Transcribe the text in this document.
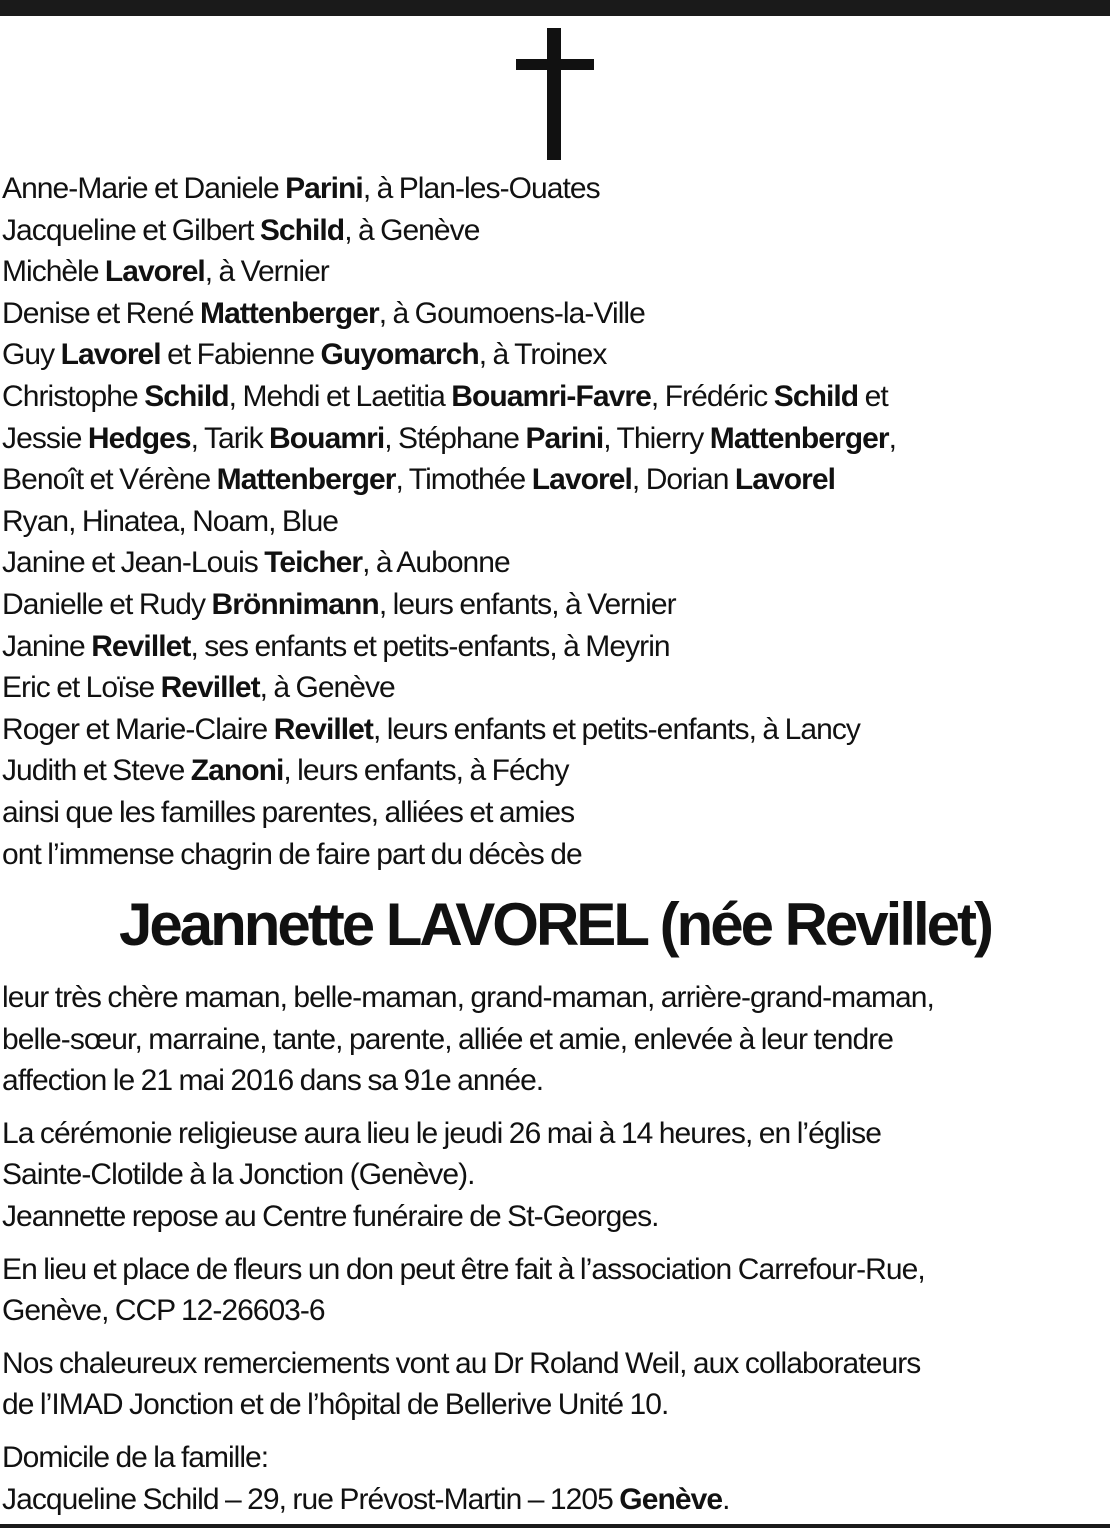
Anne-Marie et Daniele Parini, à Plan-les-Ouates
Jacqueline et Gilbert Schild, à Genève
Michèle Lavorel, à Vernier
Denise et René Mattenberger, à Goumoens-la-Ville
Guy Lavorel et Fabienne Guyomarch, à Troinex
Christophe Schild, Mehdi et Laetitia Bouamri-Favre, Frédéric Schild et
Jessie Hedges, Tarik Bouamri, Stéphane Parini, Thierry Mattenberger,
Benoît et Vérène Mattenberger, Timothée Lavorel, Dorian Lavorel
Ryan, Hinatea, Noam, Blue
Janine et Jean-Louis Teicher, à Aubonne
Danielle et Rudy Brönnimann, leurs enfants, à Vernier
Janine Revillet, ses enfants et petits-enfants, à Meyrin
Eric et Loïse Revillet, à Genève
Roger et Marie-Claire Revillet, leurs enfants et petits-enfants, à Lancy
Judith et Steve Zanoni, leurs enfants, à Féchy
ainsi que les familles parentes, alliées et amies
ont l’immense chagrin de faire part du décès de
Jeannette LAVOREL (née Revillet)
leur très chère maman, belle-maman, grand-maman, arrière-grand-maman,
belle-sœur, marraine, tante, parente, alliée et amie, enlevée à leur tendre
affection le 21 mai 2016 dans sa 91e année.
La cérémonie religieuse aura lieu le jeudi 26 mai à 14 heures, en l’église
Sainte-Clotilde à la Jonction (Genève).
Jeannette repose au Centre funéraire de St-Georges.
En lieu et place de fleurs un don peut être fait à l’association Carrefour-Rue,
Genève, CCP 12-26603-6
Nos chaleureux remerciements vont au Dr Roland Weil, aux collaborateurs
de l’IMAD Jonction et de l’hôpital de Bellerive Unité 10.
Domicile de la famille:
Jacqueline Schild – 29, rue Prévost-Martin – 1205 Genève.
